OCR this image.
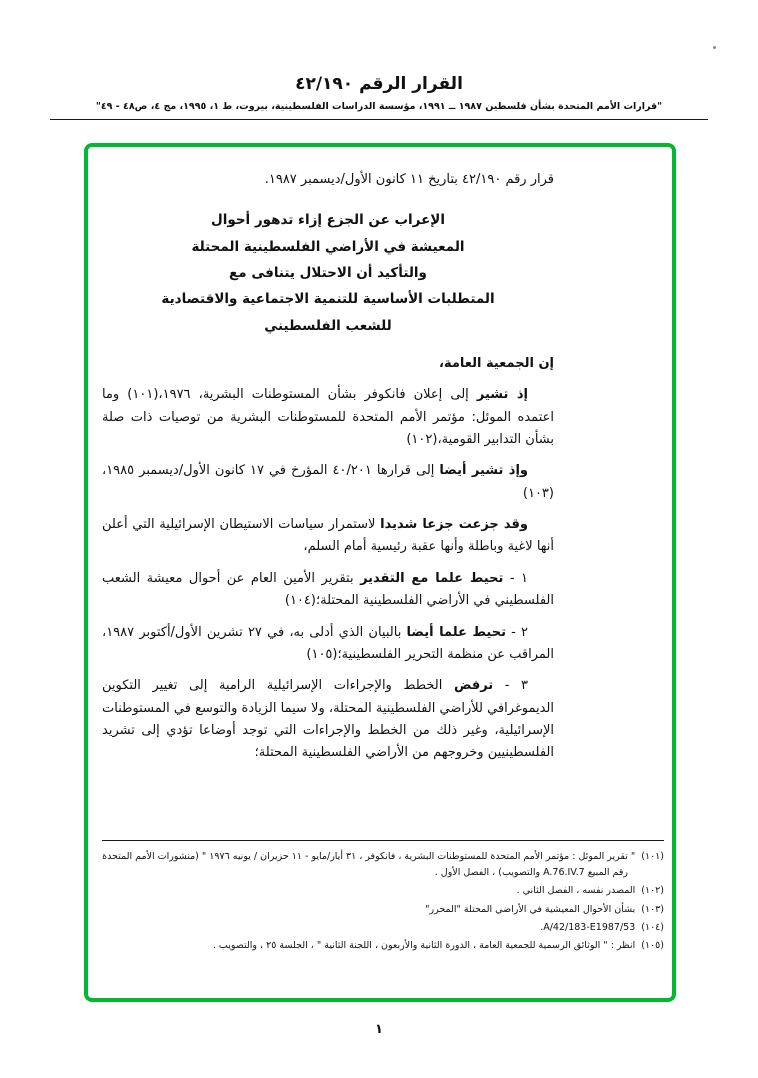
القرار الرقم ٤٢/١٩٠
"قرارات الأمم المتحدة بشأن فلسطين ١٩٨٧ ــ ١٩٩١، مؤسسة الدراسات الفلسطينية، بيروت، ط ١، ١٩٩٥، مج ٤، ص٤٨ - ٤٩"

قرار رقم ٤٢/١٩٠ بتاريخ ١١ كانون الأول/ديسمبر ١٩٨٧.

الإعراب عن الجزع إزاء تدهور أحوال
المعيشة في الأراضي الفلسطينية المحتلة
والتأكيد أن الاحتلال يتنافى مع
المتطلبات الأساسية للتنمية الاجتماعية والاقتصادية
للشعب الفلسطيني

إن الجمعية العامة،

إذ تشير إلى إعلان فانكوفر بشأن المستوطنات البشرية، ١٩٧٦،(١٠١) وما اعتمده الموئل: مؤتمر الأمم المتحدة للمستوطنات البشرية من توصيات ذات صلة بشأن التدابير القومية،(١٠٢)

وإذ تشير أيضا إلى قرارها ٤٠/٢٠١ المؤرخ في ١٧ كانون الأول/ديسمبر ١٩٨٥،(١٠٣)

وقد جزعت جزعا شديدا لاستمرار سياسات الاستيطان الإسرائيلية التي أعلن أنها لاغية وباطلة وأنها عقبة رئيسية أمام السلم،

١ - تحيط علما مع التقدير بتقرير الأمين العام عن أحوال معيشة الشعب الفلسطيني في الأراضي الفلسطينية المحتلة؛(١٠٤)

٢ - تحيط علما أيضا بالبيان الذي أدلى به، في ٢٧ تشرين الأول/أكتوبر ١٩٨٧، المراقب عن منظمة التحرير الفلسطينية؛(١٠٥)

٣ - ترفض الخطط والإجراءات الإسرائيلية الرامية إلى تغيير التكوين الديموغرافي للأراضي الفلسطينية المحتلة، ولا سيما الزيادة والتوسع في المستوطنات الإسرائيلية، وغير ذلك من الخطط والإجراءات التي توجد أوضاعا تؤدي إلى تشريد الفلسطينيين وخروجهم من الأراضي الفلسطينية المحتلة؛

(١٠١)" تقرير الموئل : مؤتمر الأمم المتحدة للمستوطنات البشرية ، فانكوفر ، ٣١ أيار/مايو - ١١ حزيران / يونيه ١٩٧٦ " (منشورات الأمم المتحدة رقم المبيع A.76.IV.7 والتصويب) ، الفصل الأول .
(١٠٢)المصدر نفسه ، الفصل الثاني .
(١٠٣)بشأن الأحوال المعيشية في الأراضي المحتلة "المحرر"
(١٠٤)A/42/183-E1987/53.
(١٠٥)انظر : " الوثائق الرسمية للجمعية العامة ، الدورة الثانية والأربعون ، اللجنة الثانية " ، الجلسة ٢٥ ، والتصويب .
١
